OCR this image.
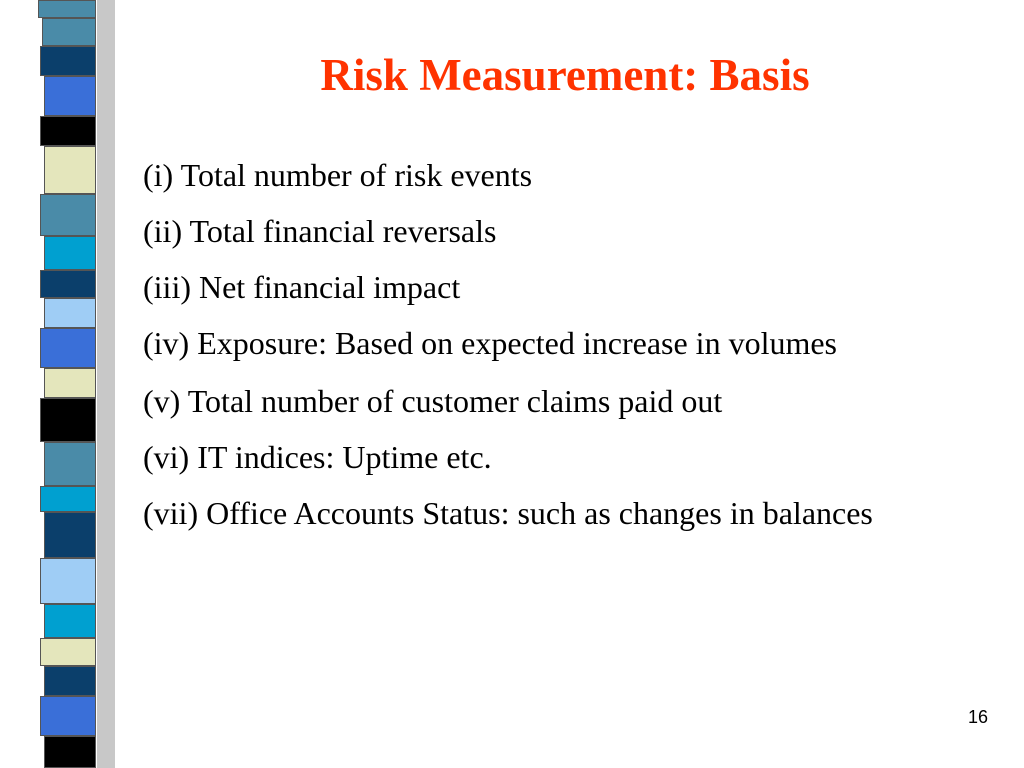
Risk Measurement: Basis
(i) Total number of risk events
(ii) Total financial reversals
(iii) Net financial impact
(iv) Exposure: Based on expected increase in volumes
(v) Total number of customer claims paid out
(vi) IT indices: Uptime etc.
(vii) Office Accounts Status: such as changes in balances
16
